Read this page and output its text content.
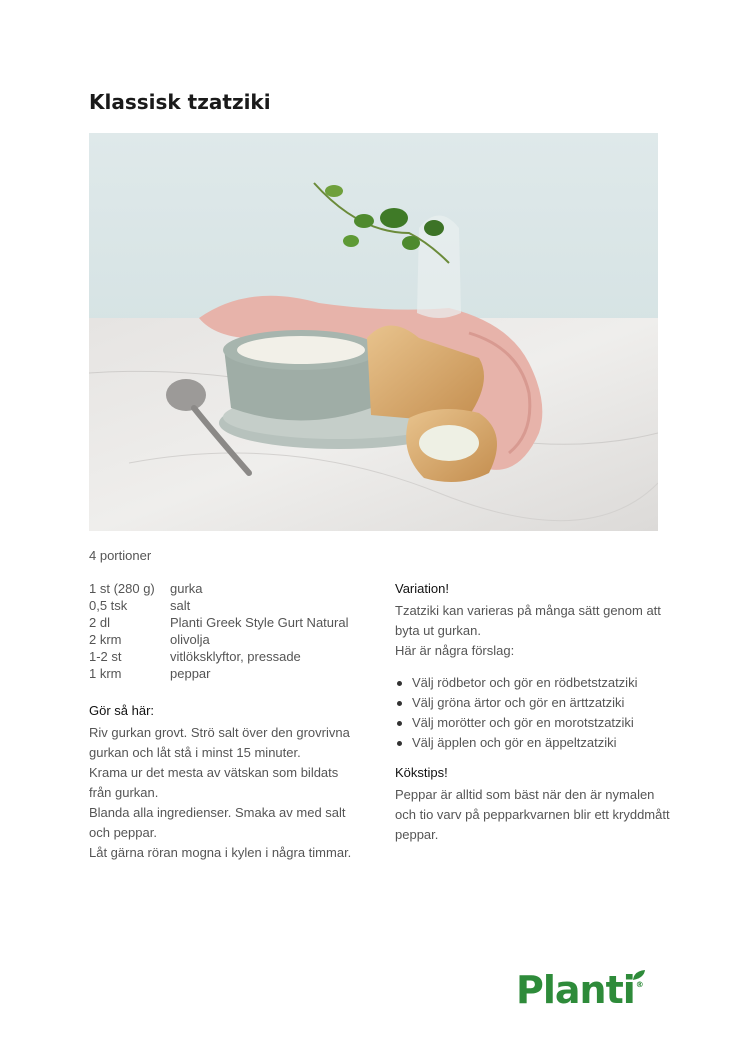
Klassisk tzatziki
4 portioner
1 st (280 g)	gurka
0,5 tsk	salt
2 dl	Planti Greek Style Gurt Natural
2 krm	olivolja
1-2 st	vitlöksklyftor, pressade
1 krm	peppar
Gör så här:

Riv gurkan grovt. Strö salt över den grovrivna gurkan och låt stå i minst 15 minuter.

Krama ur det mesta av vätskan som bildats från gurkan.

Blanda alla ingredienser. Smaka av med salt och peppar.

Låt gärna röran mogna i kylen i några timmar.

Variation!

Tzatziki kan varieras på många sätt genom att byta ut gurkan.

Här är några förslag:

Välj rödbetor och gör en rödbetstzatziki
Välj gröna ärtor och gör en ärttzatziki
Välj morötter och gör en morotstzatziki
Välj äpplen och gör en äppeltzatziki
Kökstips!

Peppar är alltid som bäst när den är nymalen och tio varv på pepparkvarnen blir ett kryddmått peppar.

Planti®
